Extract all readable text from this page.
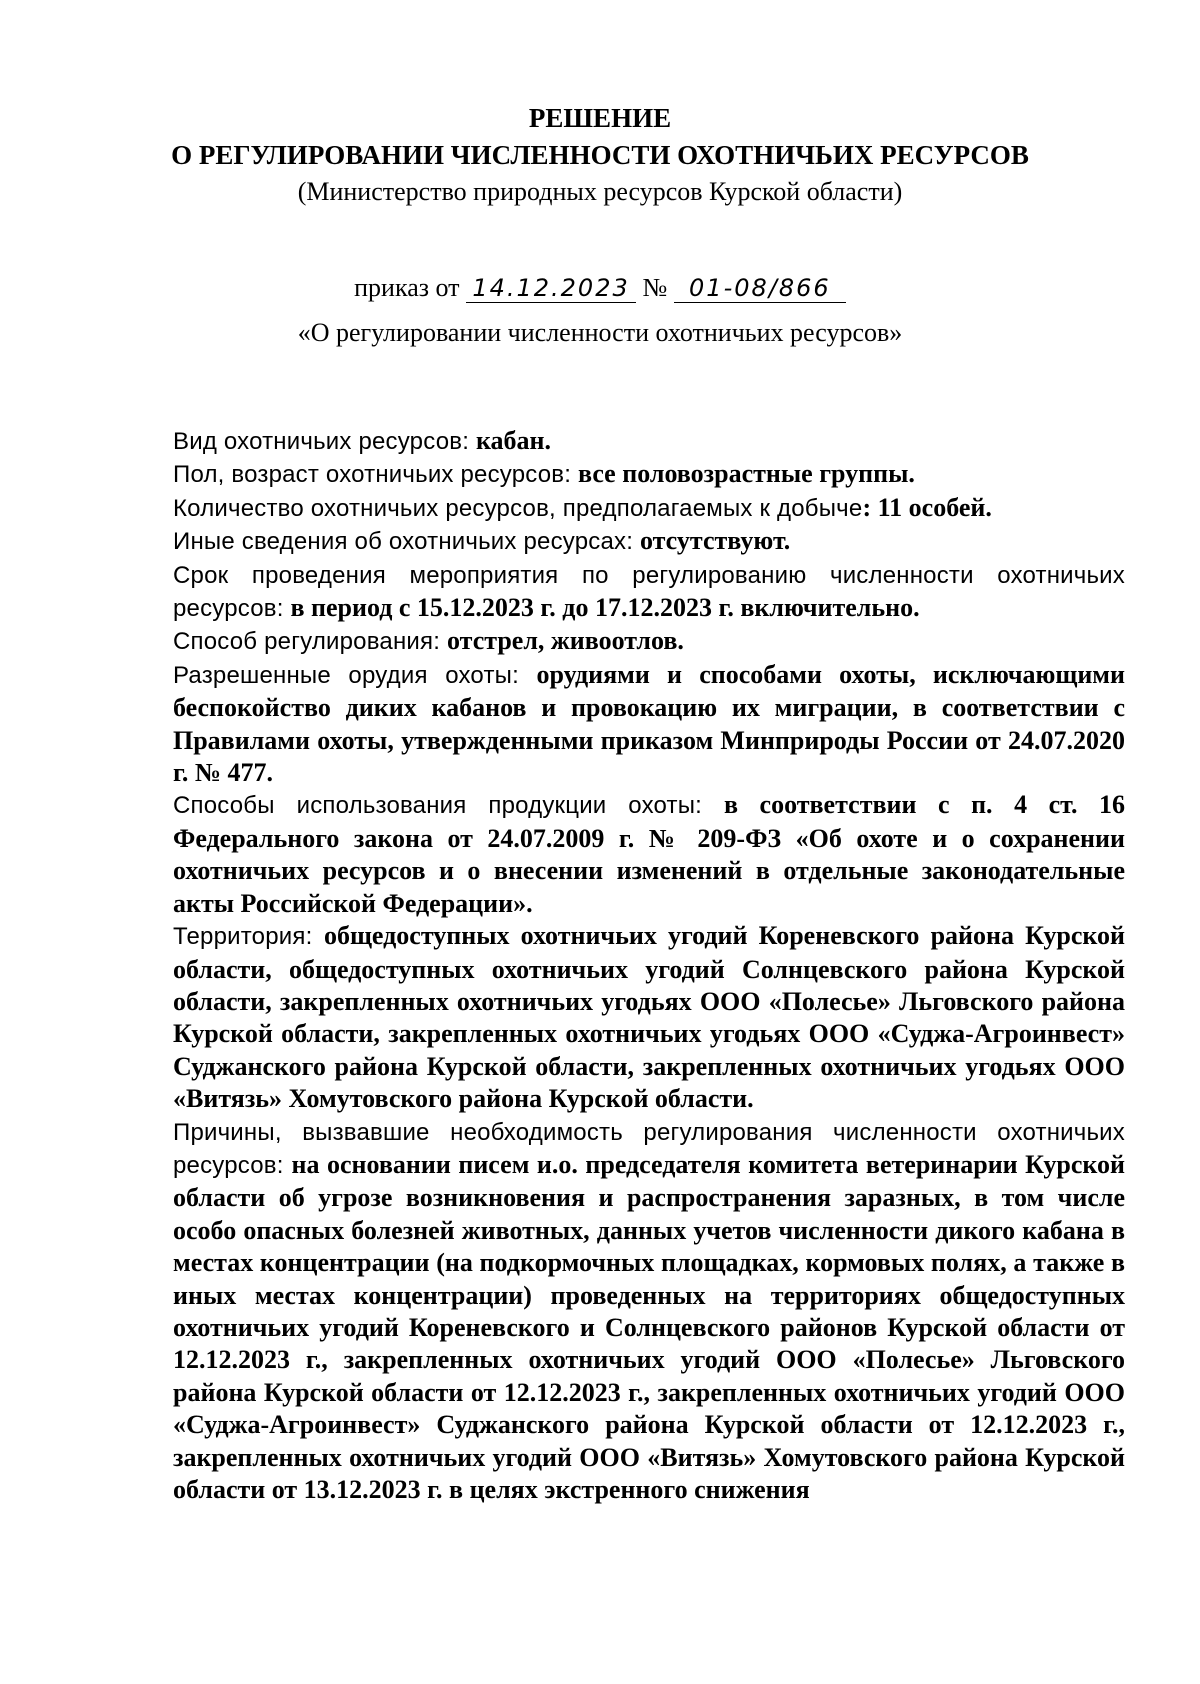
РЕШЕНИЕ
О РЕГУЛИРОВАНИИ ЧИСЛЕННОСТИ ОХОТНИЧЬИХ РЕСУРСОВ
(Министерство природных ресурсов Курской области)
приказ от 14.12.2023 № 01-08/866
«О регулировании численности охотничьих ресурсов»

Вид охотничьих ресурсов: кабан.

Пол, возраст охотничьих ресурсов: все половозрастные группы.

Количество охотничьих ресурсов, предполагаемых к добыче: 11 особей.

Иные сведения об охотничьих ресурсах: отсутствуют.

Срок проведения мероприятия по регулированию численности охотничьих ресурсов: в период с 15.12.2023 г. до 17.12.2023 г. включительно.

Способ регулирования: отстрел, живоотлов.

Разрешенные орудия охоты: орудиями и способами охоты, исключающими беспокойство диких кабанов и провокацию их миграции, в соответствии с Правилами охоты, утвержденными приказом Минприроды России от 24.07.2020 г. № 477.

Способы использования продукции охоты: в соответствии с п. 4 ст. 16 Федерального закона от 24.07.2009 г. № 209-ФЗ «Об охоте и о сохранении охотничьих ресурсов и о внесении изменений в отдельные законодательные акты Российской Федерации».

Территория: общедоступных охотничьих угодий Кореневского района Курской области, общедоступных охотничьих угодий Солнцевского района Курской области, закрепленных охотничьих угодьях ООО «Полесье» Льговского района Курской области, закрепленных охотничьих угодьях ООО «Суджа-Агроинвест» Суджанского района Курской области, закрепленных охотничьих угодьях ООО «Витязь» Хомутовского района Курской области.

Причины, вызвавшие необходимость регулирования численности охотничьих ресурсов: на основании писем и.о. председателя комитета ветеринарии Курской области об угрозе возникновения и распространения заразных, в том числе особо опасных болезней животных, данных учетов численности дикого кабана в местах концентрации (на подкормочных площадках, кормовых полях, а также в иных местах концентрации) проведенных на территориях общедоступных охотничьих угодий Кореневского и Солнцевского районов Курской области от 12.12.2023 г., закрепленных охотничьих угодий ООО «Полесье» Льговского района Курской области от 12.12.2023 г., закрепленных охотничьих угодий ООО «Суджа-Агроинвест» Суджанского района Курской области от 12.12.2023 г., закрепленных охотничьих угодий ООО «Витязь» Хомутовского района Курской области от 13.12.2023 г. в целях экстренного снижения
